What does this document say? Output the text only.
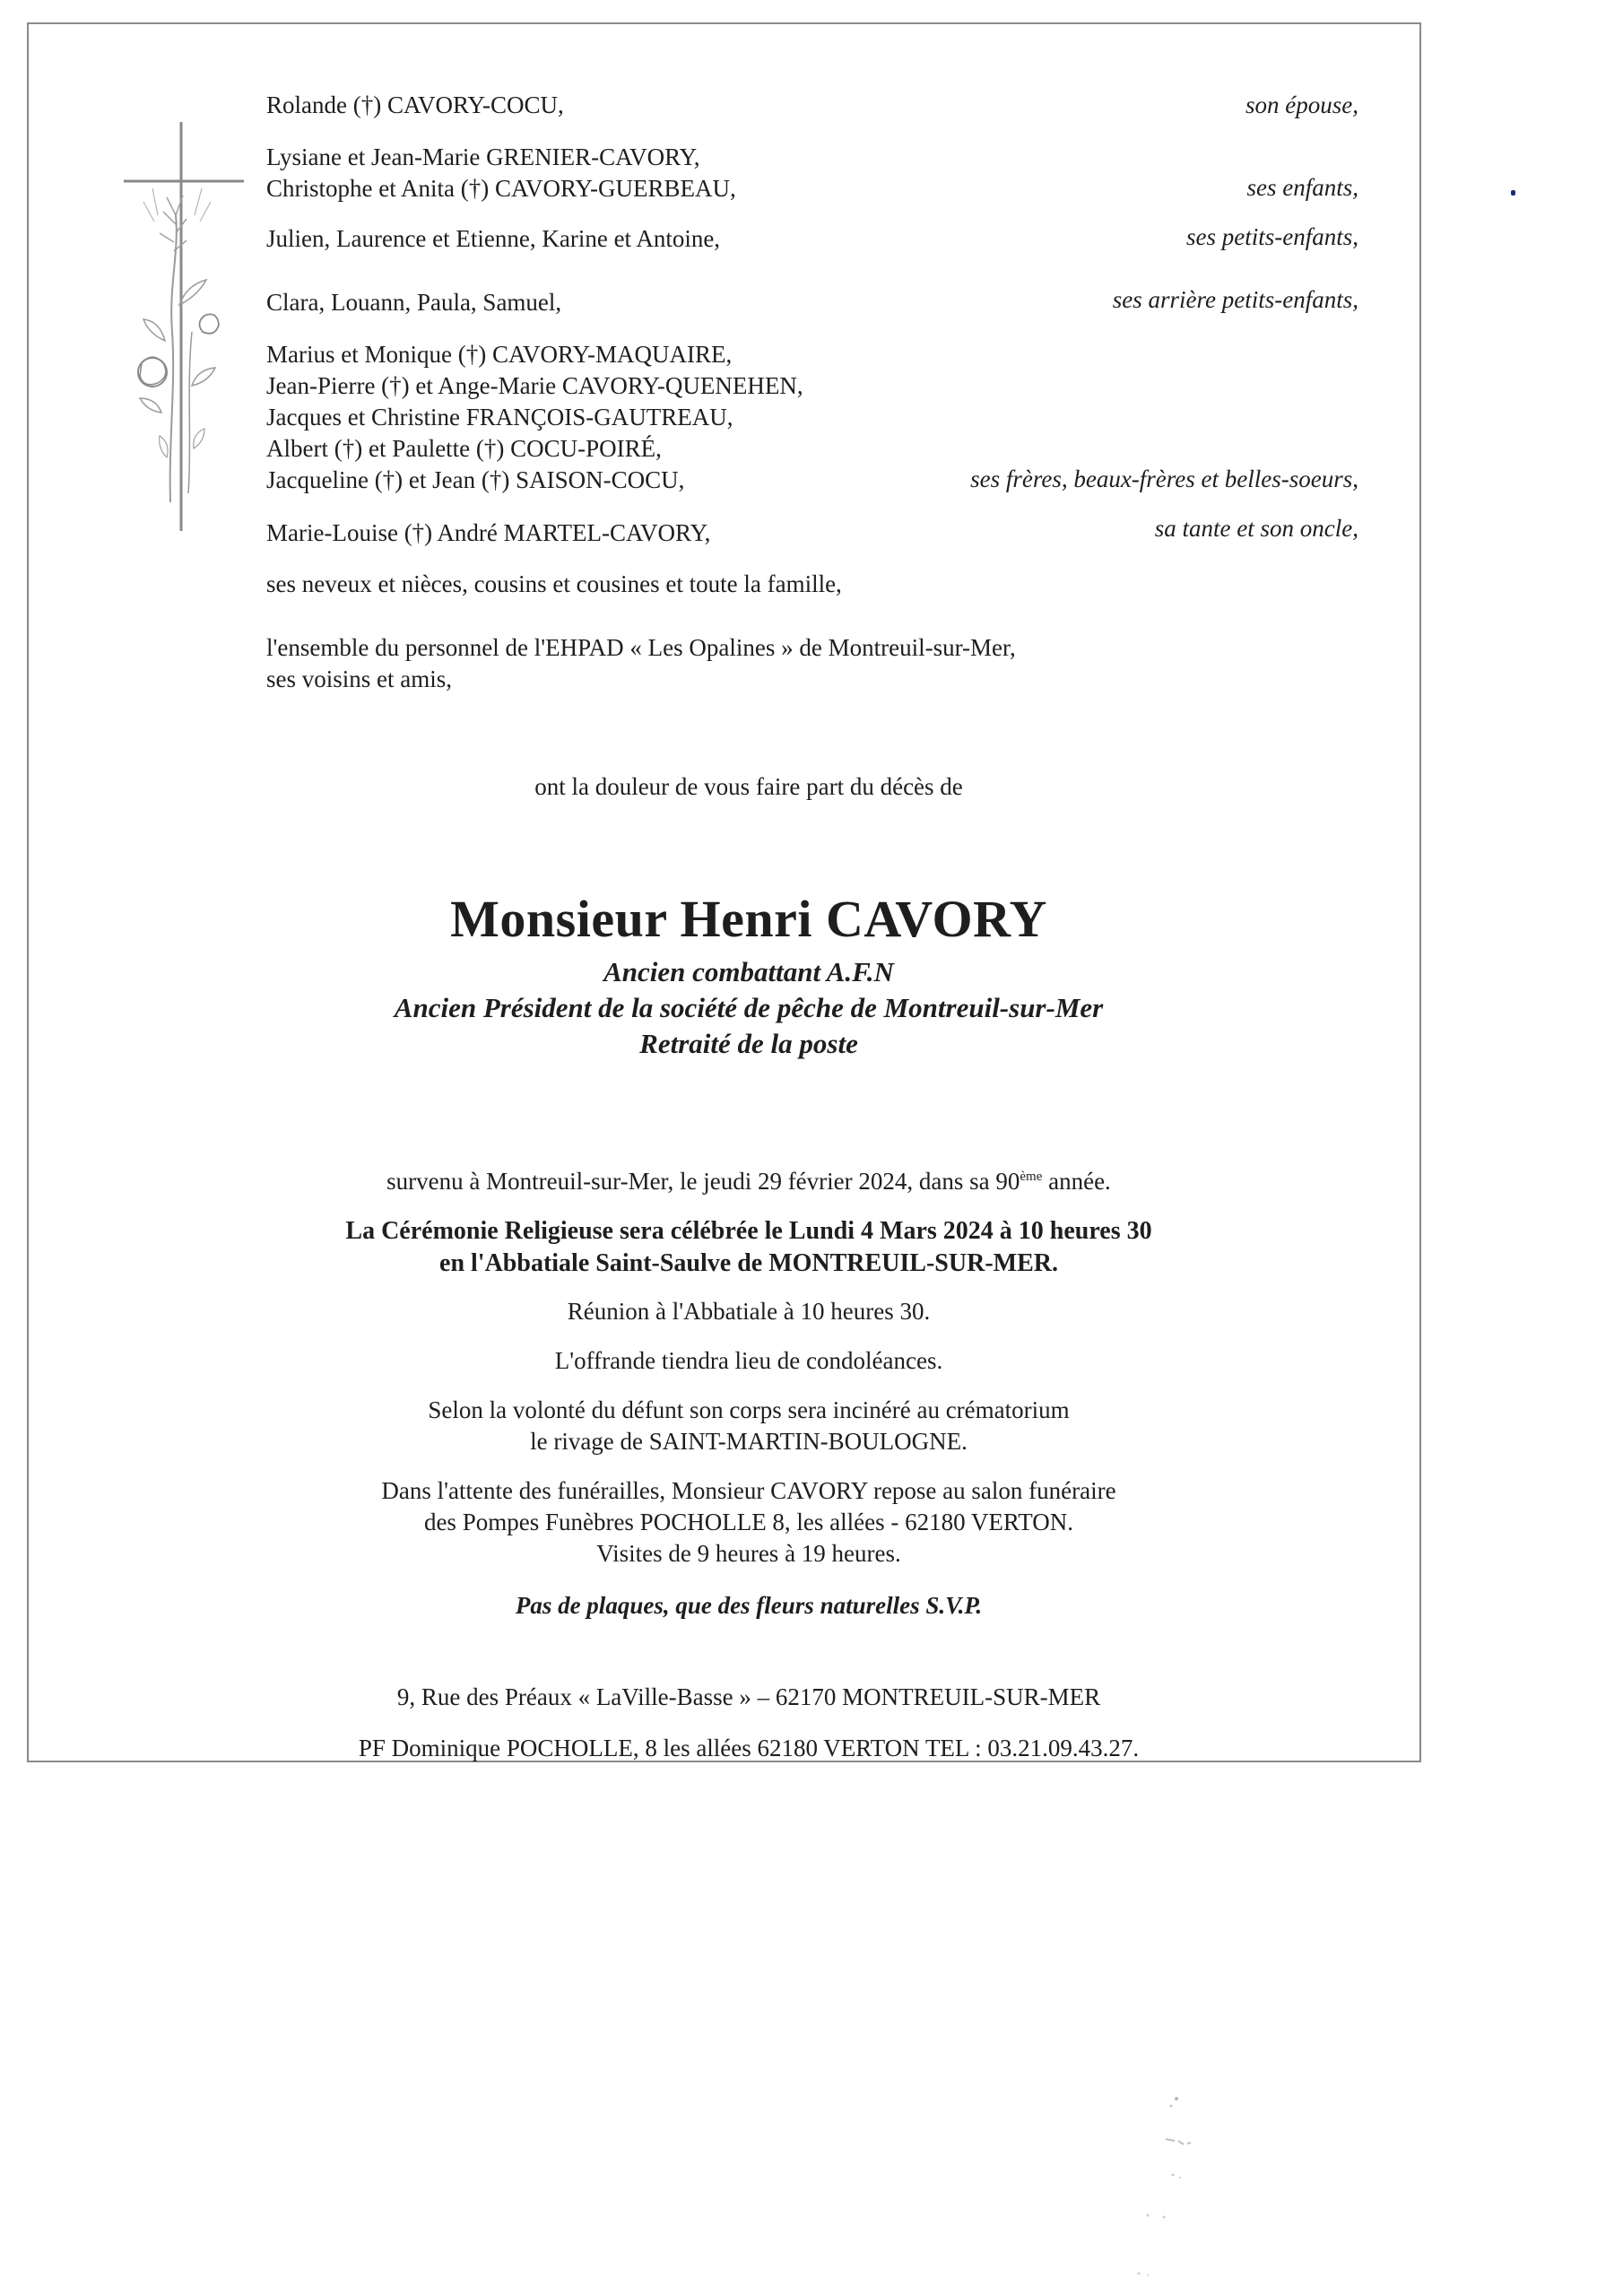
Rolande (†) CAVORY-COCU,	son épouse,
Lysiane et Jean-Marie GRENIER-CAVORY,
Christophe et Anita (†) CAVORY-GUERBEAU,	ses enfants,
Julien, Laurence et Etienne, Karine et Antoine,	ses petits-enfants,
Clara, Louann, Paula, Samuel,	ses arrière petits-enfants,
Marius et Monique (†) CAVORY-MAQUAIRE,
Jean-Pierre (†) et Ange-Marie CAVORY-QUENEHEN,
Jacques et Christine FRANÇOIS-GAUTREAU,
Albert (†) et Paulette (†) COCU-POIRÉ,
Jacqueline (†) et Jean (†) SAISON-COCU,	ses frères, beaux-frères et belles-soeurs,
Marie-Louise (†) André MARTEL-CAVORY,	sa tante et son oncle,
ses neveux et nièces, cousins et cousines et toute la famille,
l'ensemble du personnel de l'EHPAD « Les Opalines » de Montreuil-sur-Mer,
ses voisins et amis,
ont la douleur de vous faire part du décès de
Monsieur Henri CAVORY
Ancien combattant A.F.N
Ancien Président de la société de pêche de Montreuil-sur-Mer
Retraité de la poste
survenu à Montreuil-sur-Mer, le jeudi 29 février 2024, dans sa 90ème année.
La Cérémonie Religieuse sera célébrée le Lundi 4 Mars 2024 à 10 heures 30
en l'Abbatiale Saint-Saulve de MONTREUIL-SUR-MER.
Réunion à l'Abbatiale à 10 heures 30.
L'offrande tiendra lieu de condoléances.
Selon la volonté du défunt son corps sera incinéré au crématorium
le rivage de SAINT-MARTIN-BOULOGNE.
Dans l'attente des funérailles, Monsieur CAVORY repose au salon funéraire
des Pompes Funèbres POCHOLLE 8, les allées - 62180 VERTON.
Visites de 9 heures à 19 heures.
Pas de plaques, que des fleurs naturelles S.V.P.
9, Rue des Préaux « LaVille-Basse » – 62170 MONTREUIL-SUR-MER
PF Dominique POCHOLLE, 8 les allées 62180 VERTON TEL : 03.21.09.43.27.
